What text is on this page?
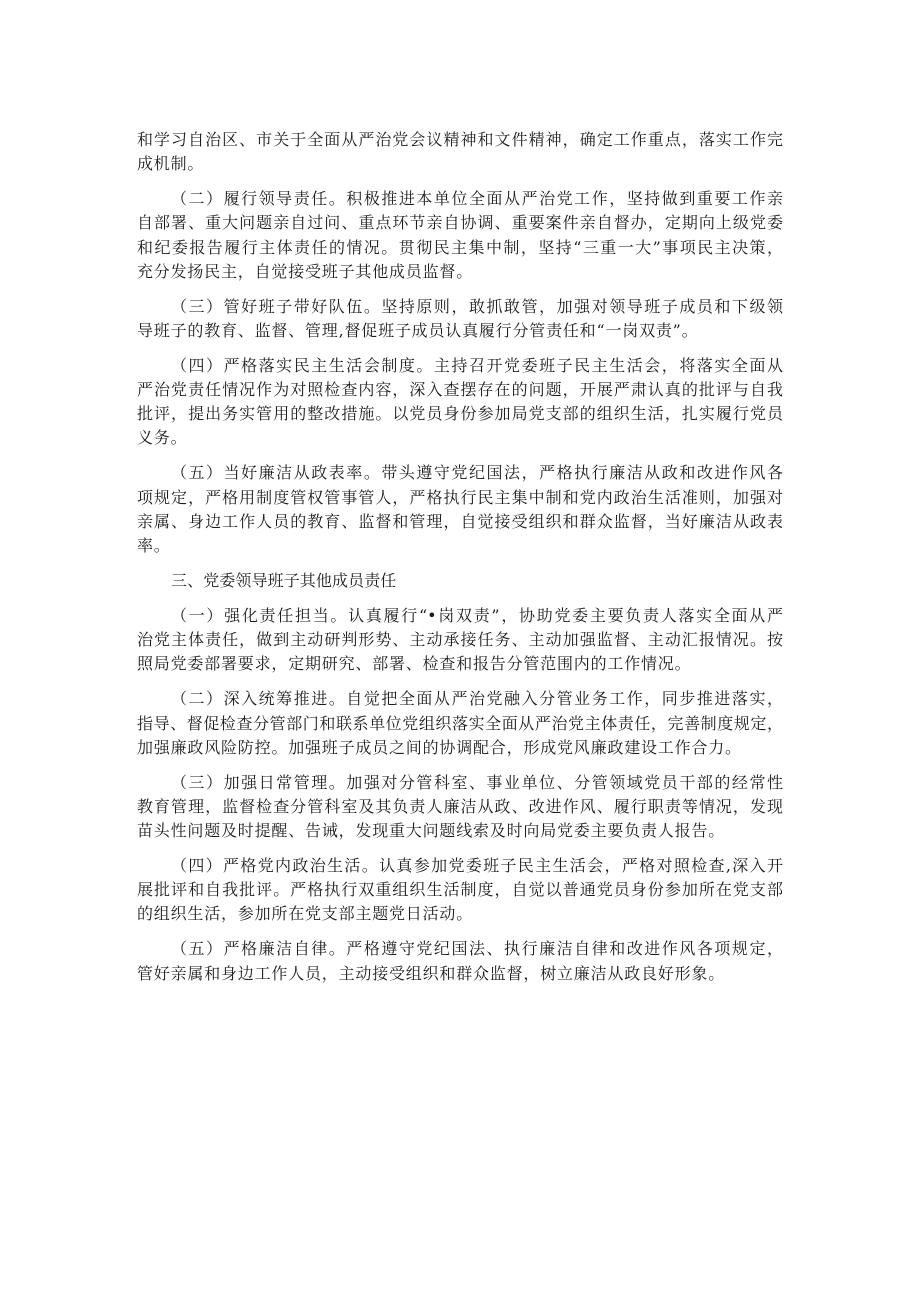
和学习自治区、市关于全面从严治党会议精神和文件精神，确定工作重点，落实工作完
成机制。
（二）履行领导责任。积极推进本单位全面从严治党工作，坚持做到重要工作亲
自部署、重大问题亲自过问、重点环节亲自协调、重要案件亲自督办，定期向上级党委
和纪委报告履行主体责任的情况。贯彻民主集中制，坚持“三重一大”事项民主决策，
充分发扬民主，自觉接受班子其他成员监督。
（三）管好班子带好队伍。坚持原则，敢抓敢管，加强对领导班子成员和下级领
导班子的教育、监督、管理,督促班子成员认真履行分管责任和“一岗双责”。
（四）严格落实民主生活会制度。主持召开党委班子民主生活会，将落实全面从
严治党责任情况作为对照检查内容，深入查摆存在的问题，开展严肃认真的批评与自我
批评，提出务实管用的整改措施。以党员身份参加局党支部的组织生活，扎实履行党员
义务。
（五）当好廉洁从政表率。带头遵守党纪国法，严格执行廉洁从政和改进作风各
项规定，严格用制度管权管事管人，严格执行民主集中制和党内政治生活准则，加强对
亲属、身边工作人员的教育、监督和管理，自觉接受组织和群众监督，当好廉洁从政表
率。
三、党委领导班子其他成员责任
（一）强化责任担当。认真履行“•岗双责”，协助党委主要负责人落实全面从严
治党主体责任，做到主动研判形势、主动承接任务、主动加强监督、主动汇报情况。按
照局党委部署要求，定期研究、部署、检查和报告分管范围内的工作情况。
（二）深入统筹推进。自觉把全面从严治党融入分管业务工作，同步推进落实，
指导、督促检查分管部门和联系单位党组织落实全面从严治党主体责任，完善制度规定，
加强廉政风险防控。加强班子成员之间的协调配合，形成党风廉政建设工作合力。
（三）加强日常管理。加强对分管科室、事业单位、分管领域党员干部的经常性
教育管理，监督检查分管科室及其负责人廉洁从政、改进作风、履行职责等情况，发现
苗头性问题及时提醒、告诫，发现重大问题线索及时向局党委主要负责人报告。
（四）严格党内政治生活。认真参加党委班子民主生活会，严格对照检查,深入开
展批评和自我批评。严格执行双重组织生活制度，自觉以普通党员身份参加所在党支部
的组织生活，参加所在党支部主题党日活动。
（五）严格廉洁自律。严格遵守党纪国法、执行廉洁自律和改进作风各项规定，
管好亲属和身边工作人员，主动接受组织和群众监督，树立廉洁从政良好形象。
